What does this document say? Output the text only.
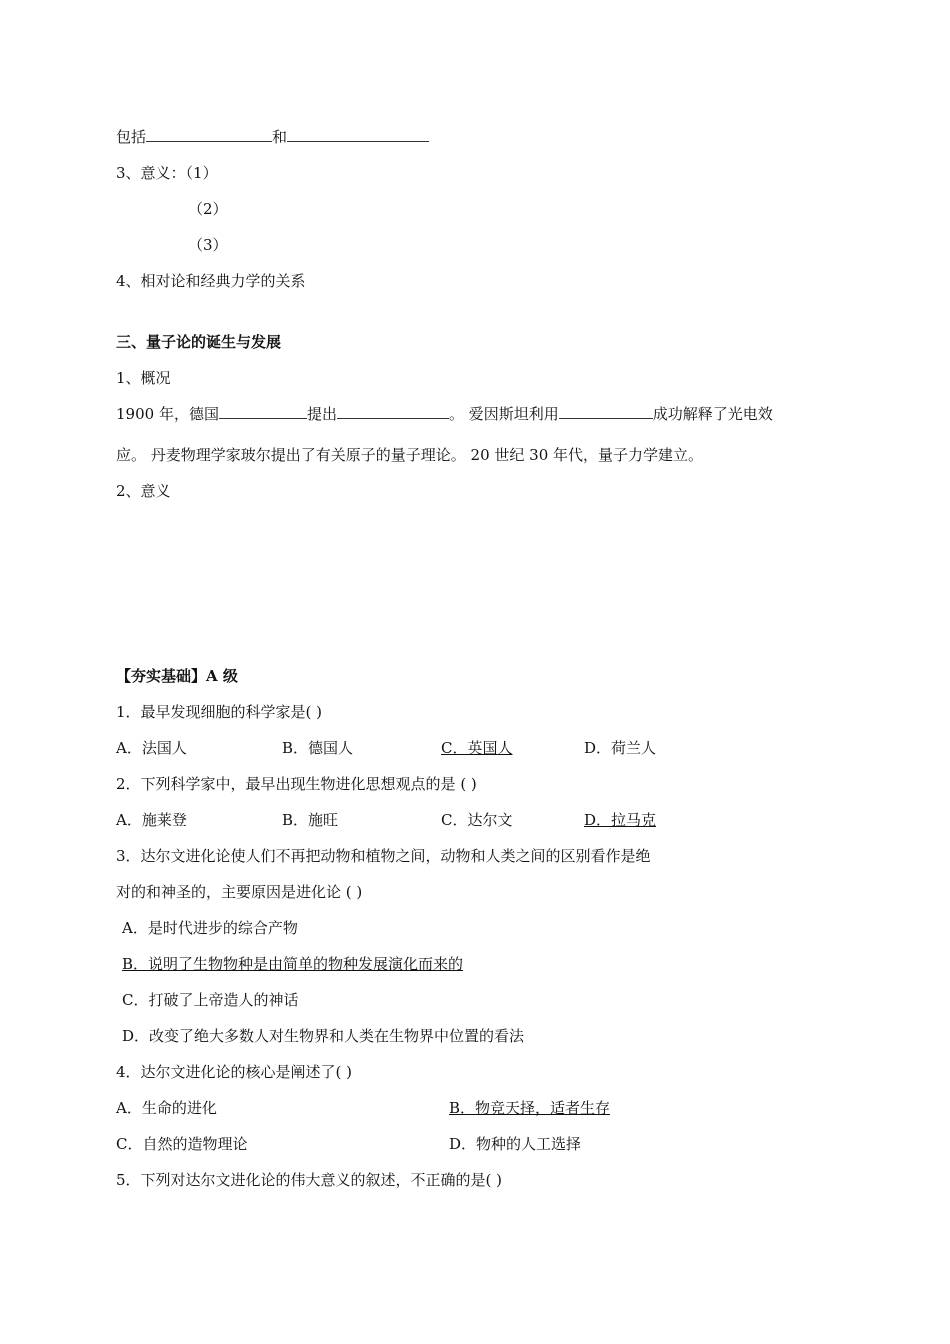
包括	和
3、意义：（1）
（2）
（3）
4、相对论和经典力学的关系
三、量子论的诞生与发展
1、概况
1900 年，德国	提出	。 爱因斯坦利用	成功解释了光电效
应。 丹麦物理学家玻尔提出了有关原子的量子理论。 20 世纪 30 年代，量子力学建立。
2、意义
【夯实基础】A 级
1．最早发现细胞的科学家是( )
A．法国人	B．德国人	C．英国人	D．荷兰人
2．下列科学家中，最早出现生物进化思想观点的是 ( )
A．施莱登	B．施旺	C．达尔文	D．拉马克
3．达尔文进化论使人们不再把动物和植物之间，动物和人类之间的区别看作是绝
对的和神圣的，主要原因是进化论 ( )
A．是时代进步的综合产物
B．说明了生物物种是由简单的物种发展演化而来的
C．打破了上帝造人的神话
D．改变了绝大多数人对生物界和人类在生物界中位置的看法
4．达尔文进化论的核心是阐述了( )
A．生命的进化	B．物竞天择，适者生存
C．自然的造物理论	D．物种的人工选择
5．下列对达尔文进化论的伟大意义的叙述，不正确的是( )
